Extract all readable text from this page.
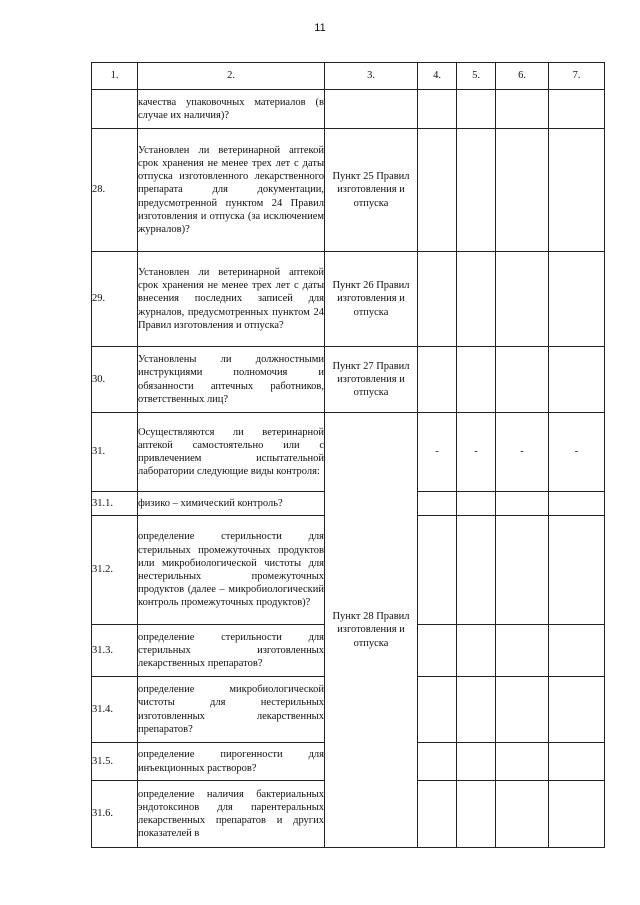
11
1.	2.	3.	4.	5.	6.	7.
	качества упаковочных материалов (в случае их наличия)?					
28.	Установлен ли ветеринарной аптекой срок хранения не менее трех лет с даты отпуска изготовленного лекарственного препарата для документации, предусмотренной пунктом 24 Правил изготовления и отпуска (за исключением журналов)?	Пункт 25 Правил изготовления и отпуска				
29.	Установлен ли ветеринарной аптекой срок хранения не менее трех лет с даты внесения последних записей для журналов, предусмотренных пунктом 24 Правил изготовления и отпуска?	Пункт 26 Правил изготовления и отпуска				
30.	Установлены ли должностными инструкциями полномочия и обязанности аптечных работников, ответственных лиц?	Пункт 27 Правил изготовления и отпуска				
31.	Осуществляются ли ветеринарной аптекой самостоятельно или с привлечением испытательной лаборатории следующие виды контроля:	Пункт 28 Правил изготовления и отпуска	-	-	-	-
31.1.	физико – химический контроль?					
31.2.	определение стерильности для стерильных промежуточных продуктов или микробиологической чистоты для нестерильных промежуточных продуктов (далее – микробиологический контроль промежуточных продуктов)?					
31.3.	определение стерильности для стерильных изготовленных лекарственных препаратов?					
31.4.	определение микробиологической чистоты для нестерильных изготовленных лекарственных препаратов?					
31.5.	определение пирогенности для инъекционных растворов?					
31.6.	определение наличия бактериальных эндотоксинов для парентеральных лекарственных препаратов и других показателей в					
